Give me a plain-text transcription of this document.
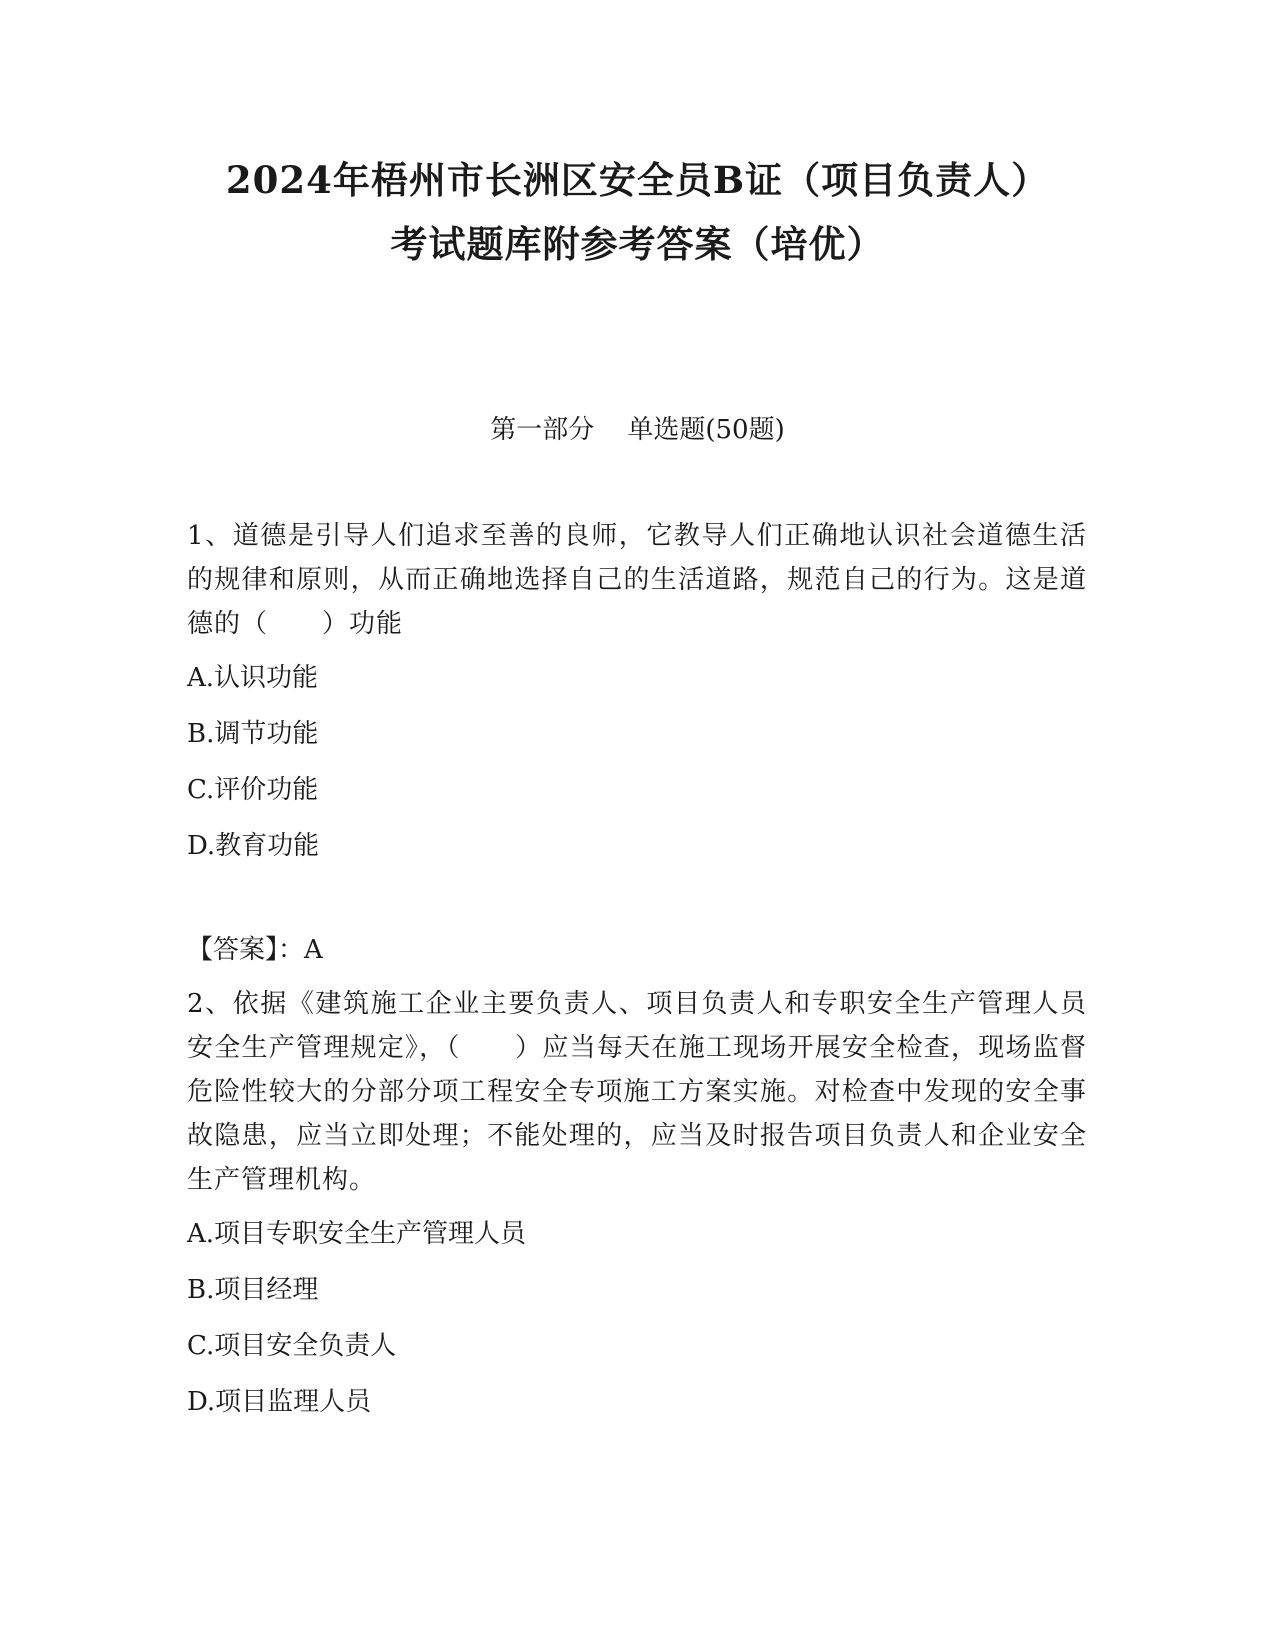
2024年梧州市长洲区安全员B证（项目负责人）
考试题库附参考答案（培优）
第一部分    单选题(50题)

1、道德是引导人们追求至善的良师，它教导人们正确地认识社会道德生活的规律和原则，从而正确地选择自己的生活道路，规范自己的行为。这是道德的（　　）功能

A.认识功能
B.调节功能
C.评价功能
D.教育功能
【答案】：A

2、依据《建筑施工企业主要负责人、项目负责人和专职安全生产管理人员安全生产管理规定》，（　　）应当每天在施工现场开展安全检查，现场监督危险性较大的分部分项工程安全专项施工方案实施。对检查中发现的安全事故隐患，应当立即处理；不能处理的，应当及时报告项目负责人和企业安全生产管理机构。

A.项目专职安全生产管理人员
B.项目经理
C.项目安全负责人
D.项目监理人员
